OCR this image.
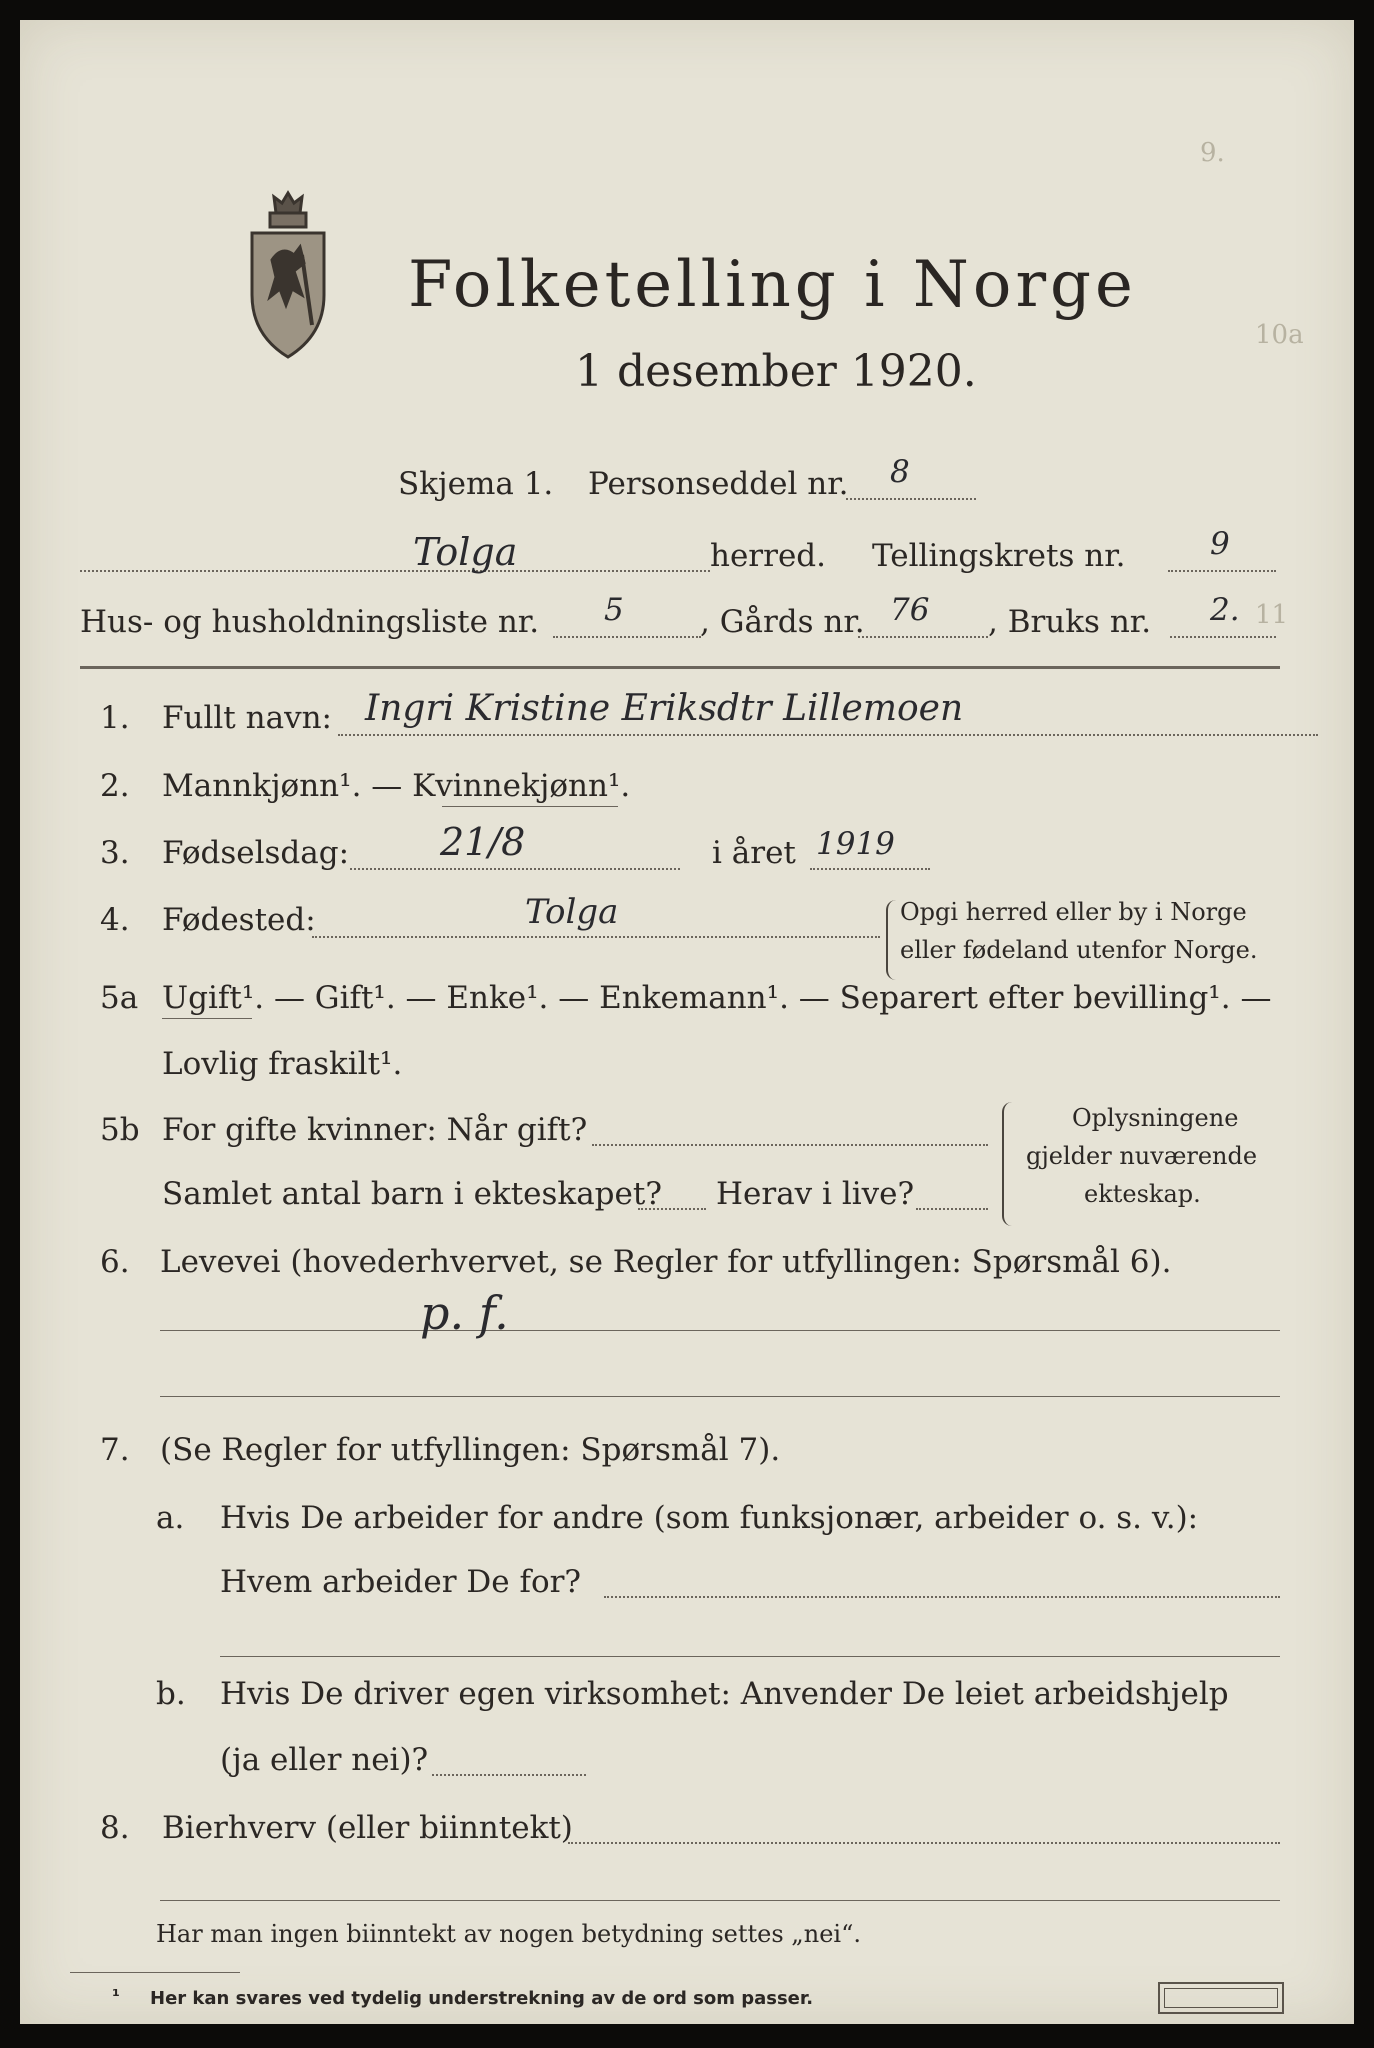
9.
10a
11
Folketelling i Norge
1 desember 1920.
Skjema 1. Personseddel nr. 8
Tolga	herred. Tellingskrets nr.	9
Hus- og husholdningsliste nr. 5 , Gårds nr. 76 , Bruks nr. 2.
1. Fullt navn: Ingri Kristine Eriksdtr Lillemoen
2. Mannkjønn¹. — Kvinnekjønn¹.
3. Fødselsdag: 21/8	i året 1919
4. Fødested:	Tolga	Opgi herred eller by i Norge
eller fødeland utenfor Norge.
5a Ugift¹. — Gift¹. — Enke¹. — Enkemann¹. — Separert efter bevilling¹. —
Lovlig fraskilt¹.
5b For gifte kvinner: Når gift?
Samlet antal barn i ekteskapet? Herav i live?
Oplysningene
gjelder nuværende
ekteskap.
6. Levevei (hovederhvervet, se Regler for utfyllingen: Spørsmål 6).
p. f.
7. (Se Regler for utfyllingen: Spørsmål 7).
a. Hvis De arbeider for andre (som funksjonær, arbeider o. s. v.):
Hvem arbeider De for?
b. Hvis De driver egen virksomhet: Anvender De leiet arbeidshjelp
(ja eller nei)?
8. Bierhverv (eller biinntekt)
Har man ingen biinntekt av nogen betydning settes „nei“.
¹ Her kan svares ved tydelig understrekning av de ord som passer.
